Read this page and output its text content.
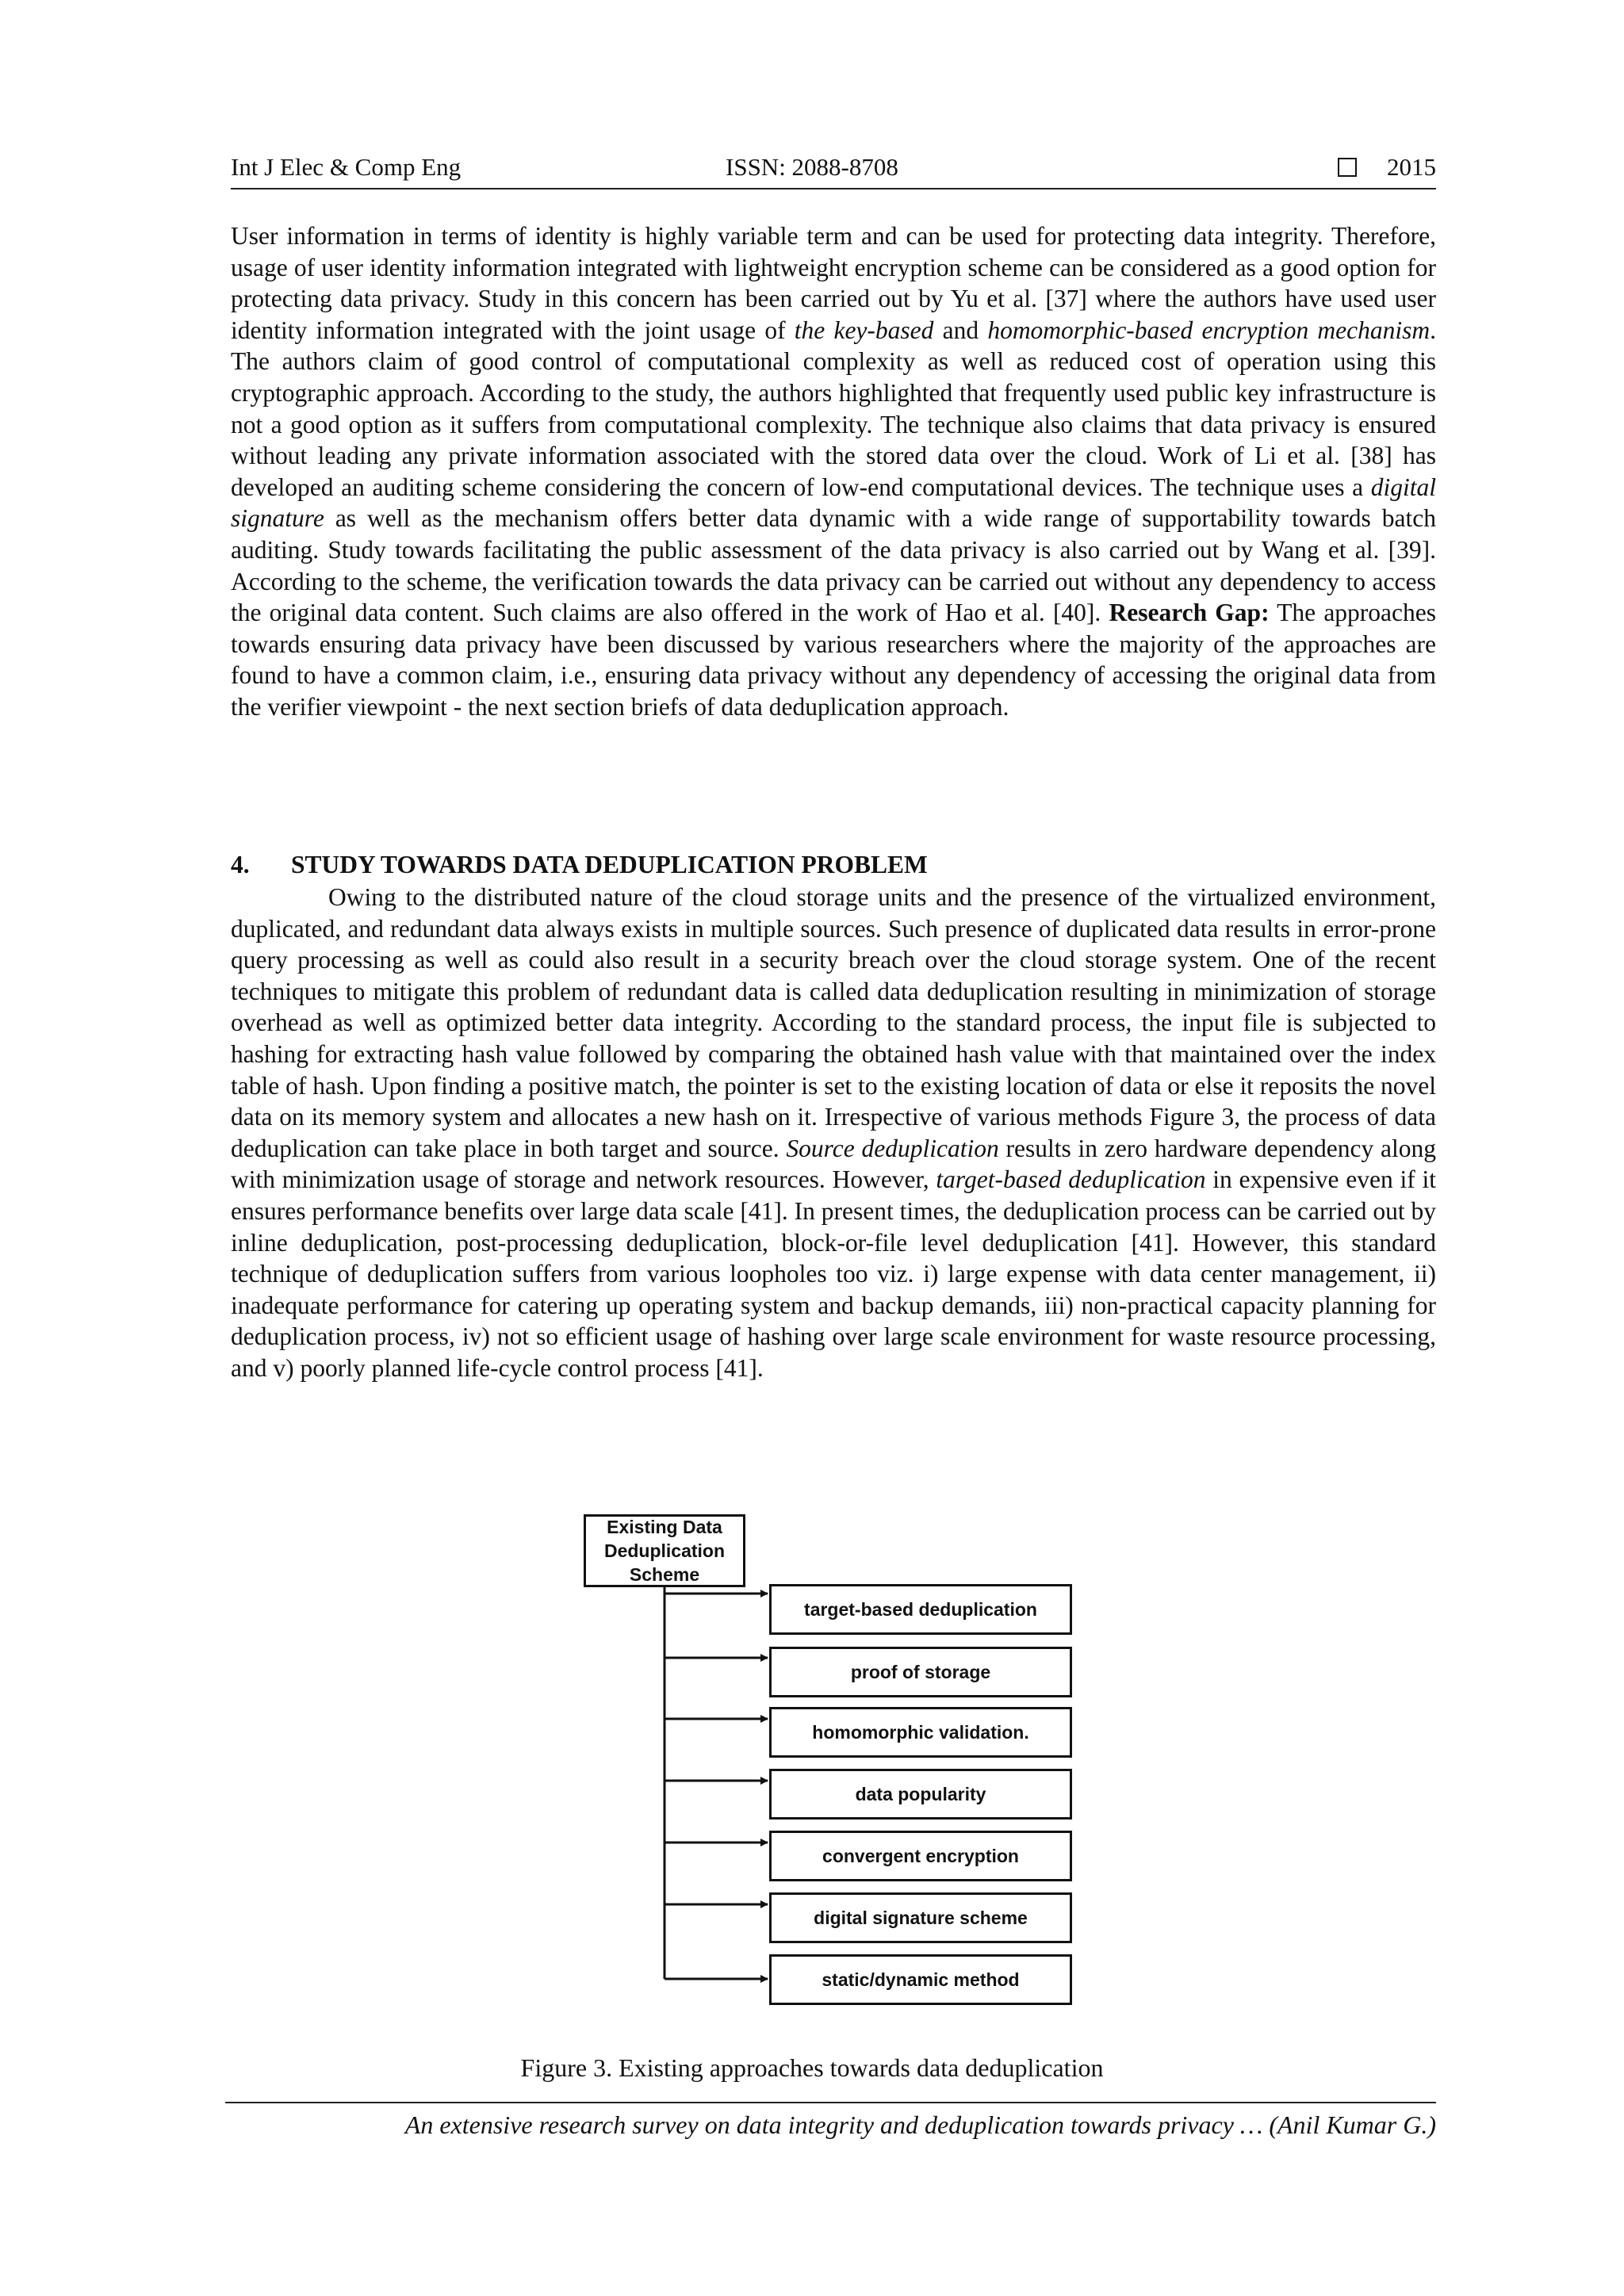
Int J Elec & Comp Eng	ISSN: 2088-8708	2015

User information in terms of identity is highly variable term and can be used for protecting data integrity. Therefore, usage of user identity information integrated with lightweight encryption scheme can be considered as a good option for protecting data privacy. Study in this concern has been carried out by Yu et al. [37] where the authors have used user identity information integrated with the joint usage of the key-based and homomorphic-based encryption mechanism. The authors claim of good control of computational complexity as well as reduced cost of operation using this cryptographic approach. According to the study, the authors highlighted that frequently used public key infrastructure is not a good option as it suffers from computational complexity. The technique also claims that data privacy is ensured without leading any private information associated with the stored data over the cloud. Work of Li et al. [38] has developed an auditing scheme considering the concern of low-end computational devices. The technique uses a digital signature as well as the mechanism offers better data dynamic with a wide range of supportability towards batch auditing. Study towards facilitating the public assessment of the data privacy is also carried out by Wang et al. [39]. According to the scheme, the verification towards the data privacy can be carried out without any dependency to access the original data content. Such claims are also offered in the work of Hao et al. [40]. Research Gap: The approaches towards ensuring data privacy have been discussed by various researchers where the majority of the approaches are found to have a common claim, i.e., ensuring data privacy without any dependency of accessing the original data from the verifier viewpoint - the next section briefs of data deduplication approach.

4.	STUDY TOWARDS DATA DEDUPLICATION PROBLEM

Owing to the distributed nature of the cloud storage units and the presence of the virtualized environment, duplicated, and redundant data always exists in multiple sources. Such presence of duplicated data results in error-prone query processing as well as could also result in a security breach over the cloud storage system. One of the recent techniques to mitigate this problem of redundant data is called data deduplication resulting in minimization of storage overhead as well as optimized better data integrity. According to the standard process, the input file is subjected to hashing for extracting hash value followed by comparing the obtained hash value with that maintained over the index table of hash. Upon finding a positive match, the pointer is set to the existing location of data or else it reposits the novel data on its memory system and allocates a new hash on it. Irrespective of various methods Figure 3, the process of data deduplication can take place in both target and source. Source deduplication results in zero hardware dependency along with minimization usage of storage and network resources. However, target-based deduplication in expensive even if it ensures performance benefits over large data scale [41]. In present times, the deduplication process can be carried out by inline deduplication, post-processing deduplication, block-or-file level deduplication [41]. However, this standard technique of deduplication suffers from various loopholes too viz. i) large expense with data center management, ii) inadequate performance for catering up operating system and backup demands, iii) non-practical capacity planning for deduplication process, iv) not so efficient usage of hashing over large scale environment for waste resource processing, and v) poorly planned life-cycle control process [41].

Existing Data Deduplication Scheme
target-based deduplication
proof of storage
homomorphic validation.
data popularity
convergent encryption
digital signature scheme
static/dynamic method

Figure 3. Existing approaches towards data deduplication

An extensive research survey on data integrity and deduplication towards privacy … (Anil Kumar G.)
